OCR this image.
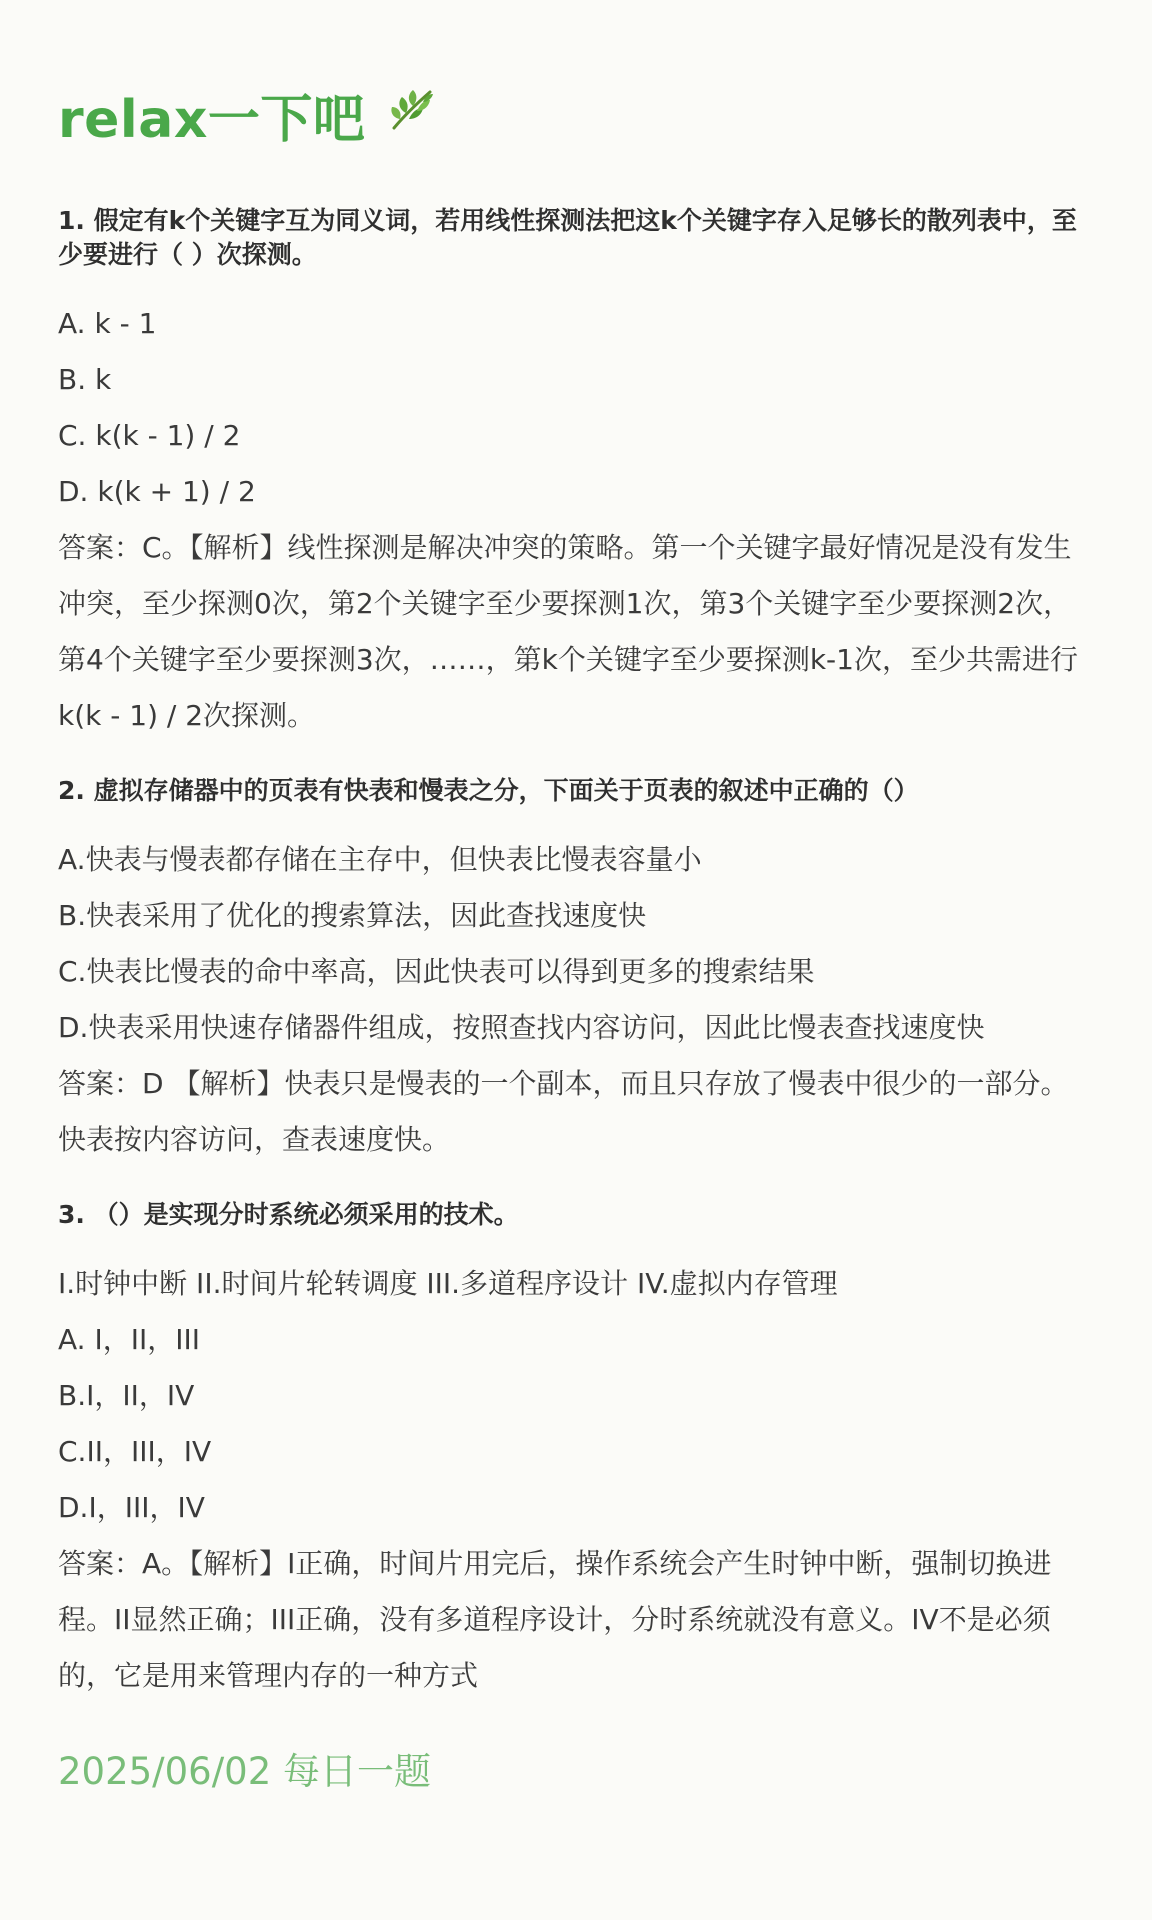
relax一下吧

1. 假定有k个关键字互为同义词，若用线性探测法把这k个关键字存入足够长的散列表中，至少要进行（ ）次探测。

A. k - 1
B. k
C. k(k - 1) / 2
D. k(k + 1) / 2

答案：C。【解析】线性探测是解决冲突的策略。第一个关键字最好情况是没有发生冲突，至少探测0次，第2个关键字至少要探测1次，第3个关键字至少要探测2次，第4个关键字至少要探测3次，……，第k个关键字至少要探测k-1次，至少共需进行k(k - 1) / 2次探测。

2. 虚拟存储器中的页表有快表和慢表之分，下面关于页表的叙述中正确的（）

A.快表与慢表都存储在主存中，但快表比慢表容量小
B.快表采用了优化的搜索算法，因此查找速度快
C.快表比慢表的命中率高，因此快表可以得到更多的搜索结果
D.快表采用快速存储器件组成，按照查找内容访问，因此比慢表查找速度快

答案：D 【解析】快表只是慢表的一个副本，而且只存放了慢表中很少的一部分。快表按内容访问，查表速度快。

3. （）是实现分时系统必须采用的技术。

I.时钟中断 II.时间片轮转调度 III.多道程序设计 IV.虚拟内存管理
A. I，II，III
B.I，II，IV
C.II，III，IV
D.I，III，IV

答案：A。【解析】I正确，时间片用完后，操作系统会产生时钟中断，强制切换进程。II显然正确；III正确，没有多道程序设计，分时系统就没有意义。IV不是必须的，它是用来管理内存的一种方式

2025/06/02 每日一题
